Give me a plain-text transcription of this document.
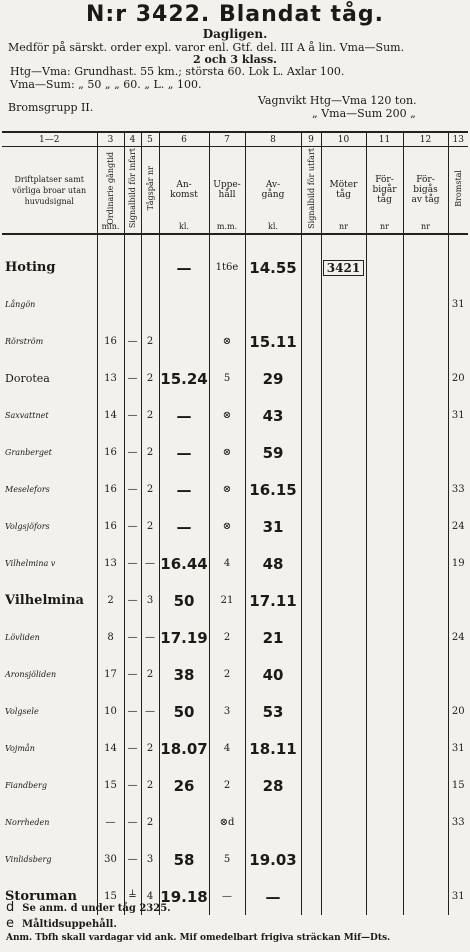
N:r 3422. Blandat tåg.
Dagligen.
Medför på särskt. order expl. varor enl. Gtf. del. III A å lin. Vma—Sum.
2 och 3 klass.
Htg—Vma: Grundhast. 55 km.; största 60. Lok L. Axlar 100.
Vma—Sum: „ 50 „ „ 60. „ L. „ 100.
Vagnvikt Htg—Vma 120 ton.
„ Vma—Sum 200 „
Bromsgrupp II.
1—2	3	4	5	6	7	8	9	10	11	12	13
Driftplatser samt vörliga broar utan huvudsignal	Ordinarie gångtid
min.	Signalbild för infart	Tågspår nr	An-komst
kl.	Uppe-håll
m.m.	Av-gång
kl.	Signalbild för utfart	Möter tåg
nr	För-bigår tåg
nr	För-bigås av tåg
nr	Bromstal

Hoting				—	1t6e	14.55		3421			
Långön											31
Rörström	16	—	2		⊗	15.11					
Dorotea	13	—	2	15.24	5	29					20
Saxvattnet	14	—	2	—	⊗	43					31
Granberget	16	—	2	—	⊗	59					
Meselefors	16	—	2	—	⊗	16.15					33
Volgsjöfors	16	—	2	—	⊗	31					24
Vilhelmina v	13	—	—	16.44	4	48					19
Vilhelmina	2	—	3	50	21	17.11					
Lövliden	8	—	—	17.19	2	21					24
Aronsjöliden	17	—	2	38	2	40					
Volgsele	10	—	—	50	3	53					20
Vojmån	14	—	2	18.07	4	18.11					31
Fiandberg	15	—	2	26	2	28					15
Norrheden	—	—	2		⊗d						33
Vinlidsberg	30	—	3	58	5	19.03					
Storuman	15	╧	4	19.18	—	—					31
d Se anm. d under tåg 2325.
e Måltidsuppehåll.
Anm. Tbfh skall vardagar vid ank. Mif omedelbart frigiva sträckan Mif—Dts.
